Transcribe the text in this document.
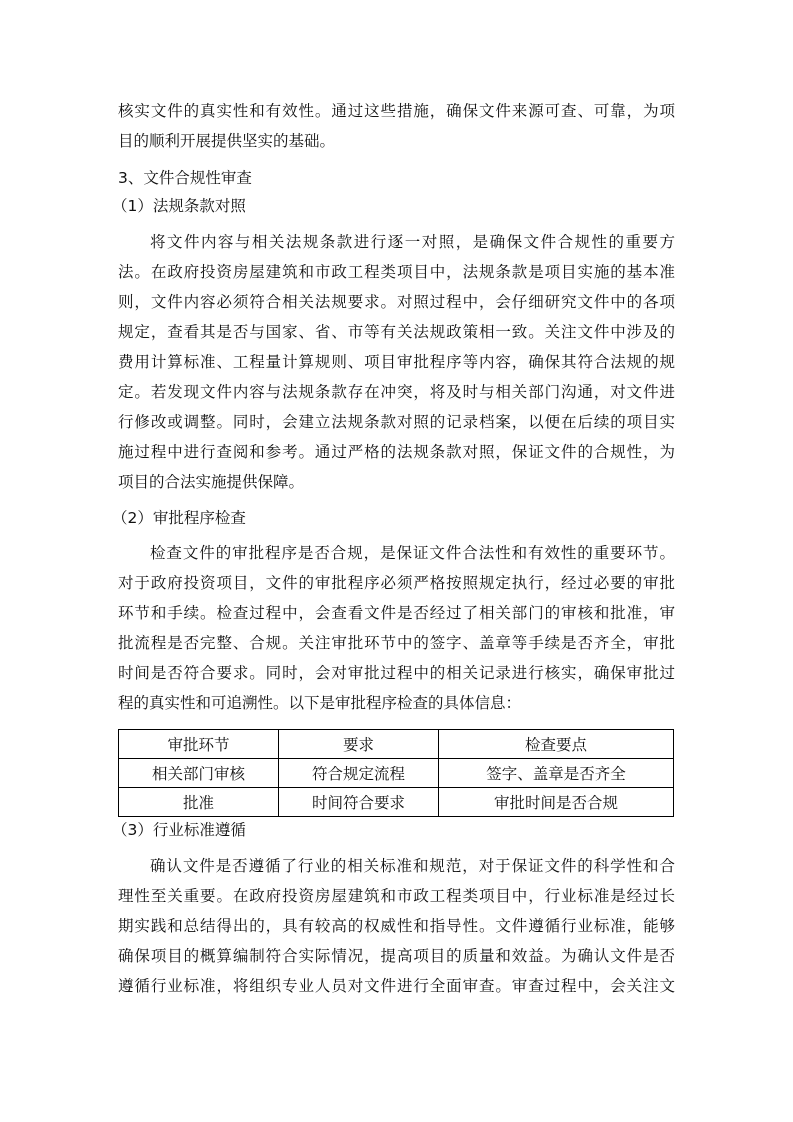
核实文件的真实性和有效性。通过这些措施，确保文件来源可查、可靠，为项
目的顺利开展提供坚实的基础。
3、文件合规性审查
（1）法规条款对照
将文件内容与相关法规条款进行逐一对照，是确保文件合规性的重要方
法。在政府投资房屋建筑和市政工程类项目中，法规条款是项目实施的基本准
则，文件内容必须符合相关法规要求。对照过程中，会仔细研究文件中的各项
规定，查看其是否与国家、省、市等有关法规政策相一致。关注文件中涉及的
费用计算标准、工程量计算规则、项目审批程序等内容，确保其符合法规的规
定。若发现文件内容与法规条款存在冲突，将及时与相关部门沟通，对文件进
行修改或调整。同时，会建立法规条款对照的记录档案，以便在后续的项目实
施过程中进行查阅和参考。通过严格的法规条款对照，保证文件的合规性，为
项目的合法实施提供保障。
（2）审批程序检查
检查文件的审批程序是否合规，是保证文件合法性和有效性的重要环节。
对于政府投资项目，文件的审批程序必须严格按照规定执行，经过必要的审批
环节和手续。检查过程中，会查看文件是否经过了相关部门的审核和批准，审
批流程是否完整、合规。关注审批环节中的签字、盖章等手续是否齐全，审批
时间是否符合要求。同时，会对审批过程中的相关记录进行核实，确保审批过
程的真实性和可追溯性。以下是审批程序检查的具体信息：
审批环节	要求	检查要点
相关部门审核	符合规定流程	签字、盖章是否齐全
批准	时间符合要求	审批时间是否合规
（3）行业标准遵循
确认文件是否遵循了行业的相关标准和规范，对于保证文件的科学性和合
理性至关重要。在政府投资房屋建筑和市政工程类项目中，行业标准是经过长
期实践和总结得出的，具有较高的权威性和指导性。文件遵循行业标准，能够
确保项目的概算编制符合实际情况，提高项目的质量和效益。为确认文件是否
遵循行业标准，将组织专业人员对文件进行全面审查。审查过程中，会关注文
